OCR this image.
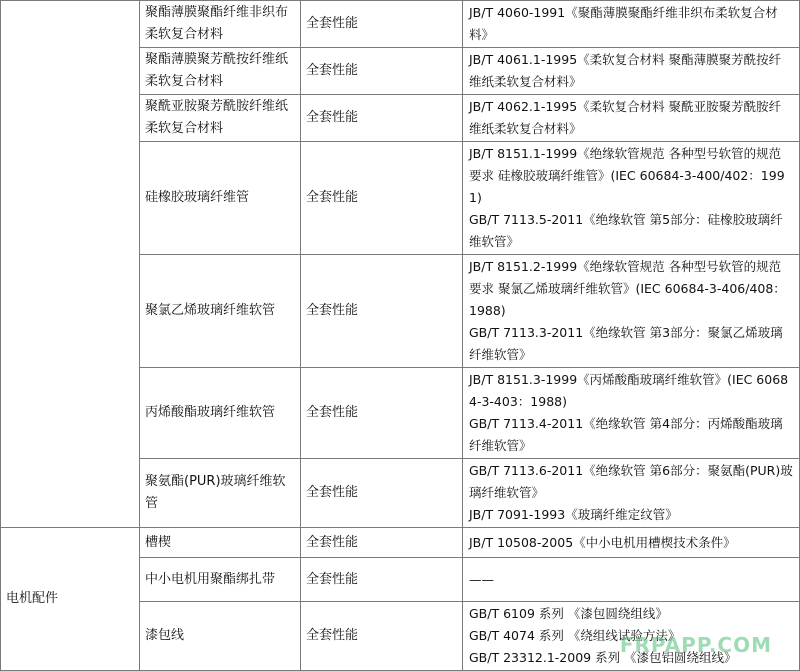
	聚酯薄膜聚酯纤维非织布柔软复合材料	全套性能	JB/T 4060-1991《聚酯薄膜聚酯纤维非织布柔软复合材料》

	聚酯薄膜聚芳酰按纤维纸柔软复合材料	全套性能	JB/T 4061.1-1995《柔软复合材料 聚酯薄膜聚芳酰按纤维纸柔软复合材料》

	聚酰亚胺聚芳酰胺纤维纸柔软复合材料	全套性能	JB/T 4062.1-1995《柔软复合材料 聚酰亚胺聚芳酰胺纤维纸柔软复合材料》

	硅橡胶玻璃纤维管	全套性能	JB/T 8151.1-1999《绝缘软管规范 各种型号软管的规范要求 硅橡胶玻璃纤维管》(IEC 60684-3-400/402：1991)
GB/T 7113.5-2011《绝缘软管 第5部分：硅橡胶玻璃纤维软管》

	聚氯乙烯玻璃纤维软管	全套性能	JB/T 8151.2-1999《绝缘软管规范 各种型号软管的规范要求 聚氯乙烯玻璃纤维软管》(IEC 60684-3-406/408：1988)
GB/T 7113.3-2011《绝缘软管 第3部分：聚氯乙烯玻璃纤维软管》

	丙烯酸酯玻璃纤维软管	全套性能	JB/T 8151.3-1999《丙烯酸酯玻璃纤维软管》(IEC 60684-3-403：1988)
GB/T 7113.4-2011《绝缘软管 第4部分：丙烯酸酯玻璃纤维软管》

	聚氨酯(PUR)玻璃纤维软管	全套性能	GB/T 7113.6-2011《绝缘软管 第6部分：聚氨酯(PUR)玻璃纤维软管》
JB/T 7091-1993《玻璃纤维定纹管》

电机配件	槽楔	全套性能	JB/T 10508-2005《中小电机用槽楔技术条件》

	中小电机用聚酯绑扎带	全套性能	——

	漆包线	全套性能	GB/T 6109 系列 《漆包圆绕组线》
GB/T 4074 系列 《绕组线试验方法》
GB/T 23312.1-2009 系列 《漆包铝圆绕组线》
FRPAPP.COM
